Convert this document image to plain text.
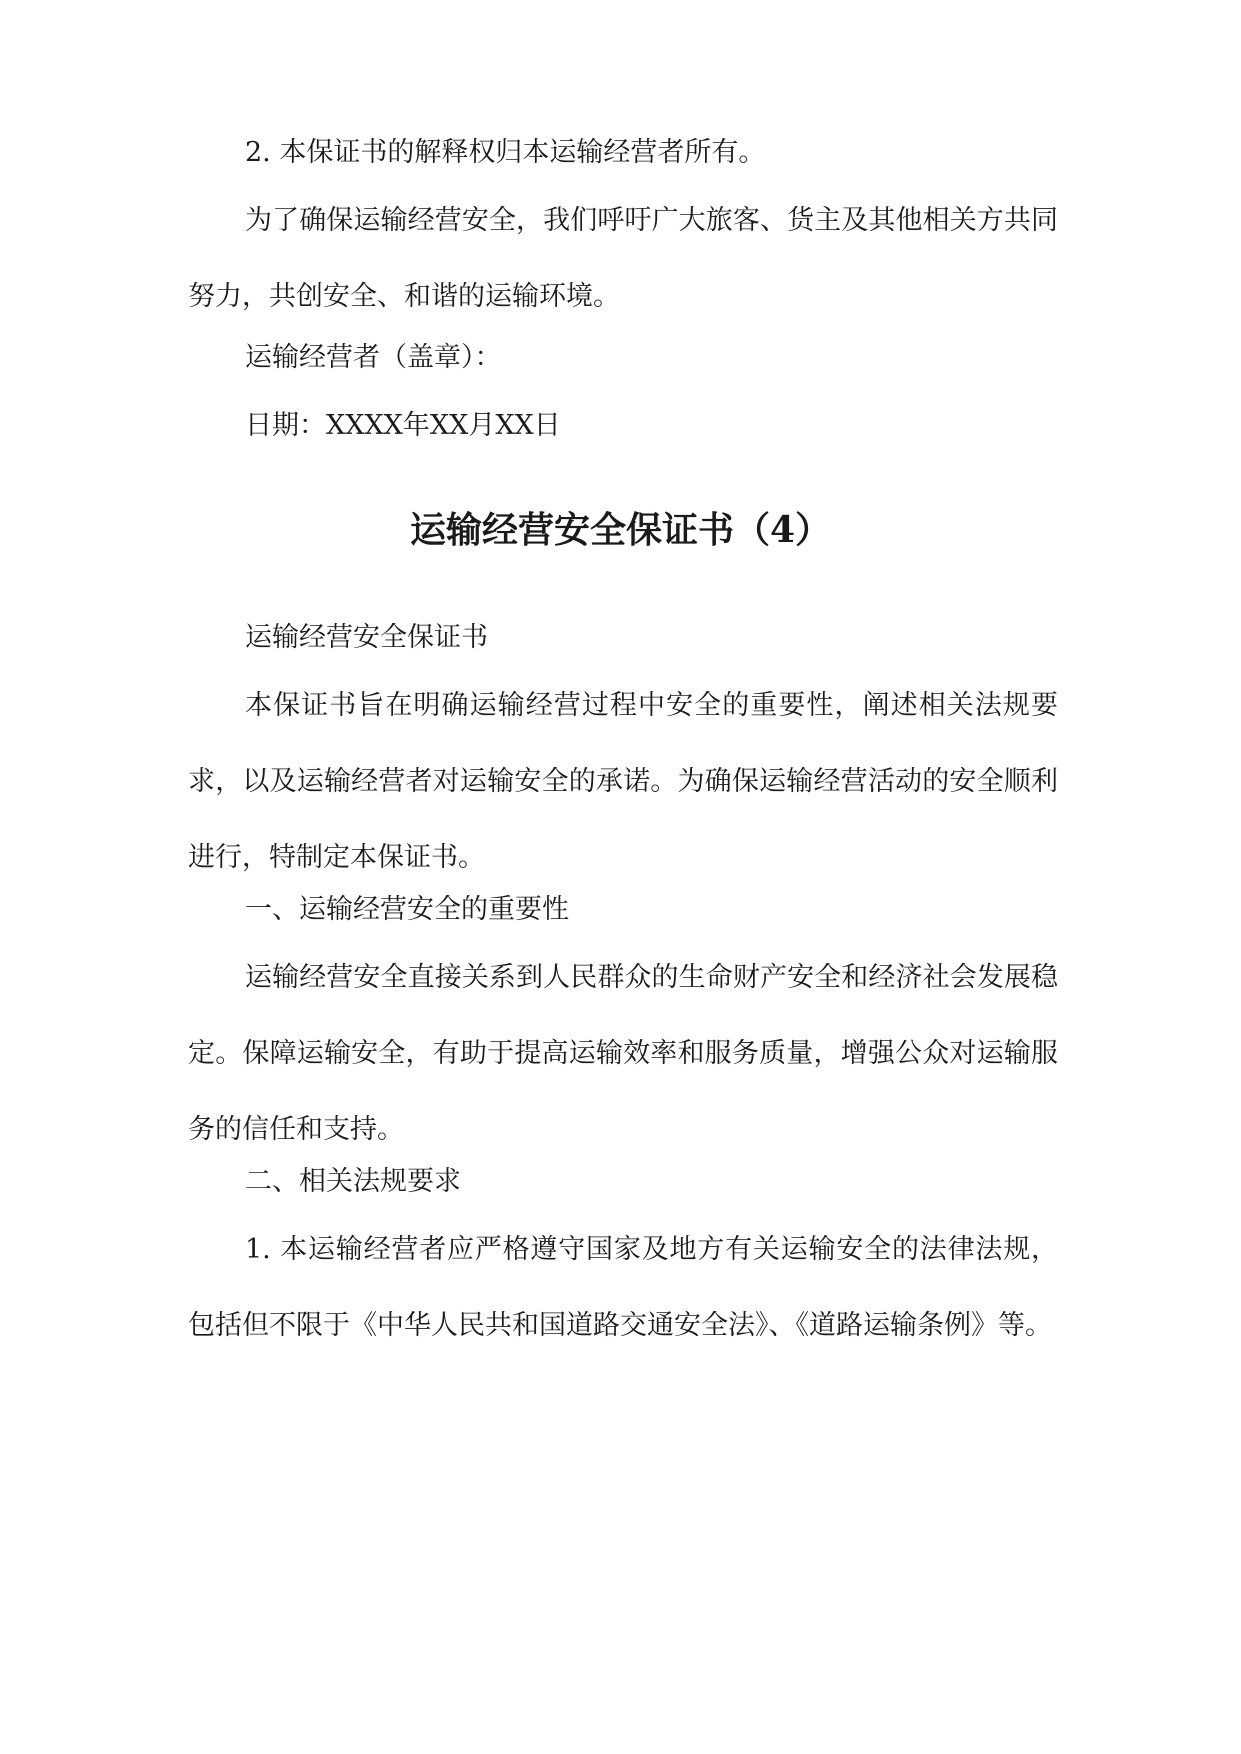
2. 本保证书的解释权归本运输经营者所有。

为了确保运输经营安全，我们呼吁广大旅客、货主及其他相关方共同努力，共创安全、和谐的运输环境。

运输经营者（盖章）：

日期：XXXX年XX月XX日

运输经营安全保证书（4）

运输经营安全保证书

本保证书旨在明确运输经营过程中安全的重要性，阐述相关法规要求，以及运输经营者对运输安全的承诺。为确保运输经营活动的安全顺利进行，特制定本保证书。

一、运输经营安全的重要性

运输经营安全直接关系到人民群众的生命财产安全和经济社会发展稳定。保障运输安全，有助于提高运输效率和服务质量，增强公众对运输服务的信任和支持。

二、相关法规要求

1. 本运输经营者应严格遵守国家及地方有关运输安全的法律法规，包括但不限于《中华人民共和国道路交通安全法》、《道路运输条例》等。
